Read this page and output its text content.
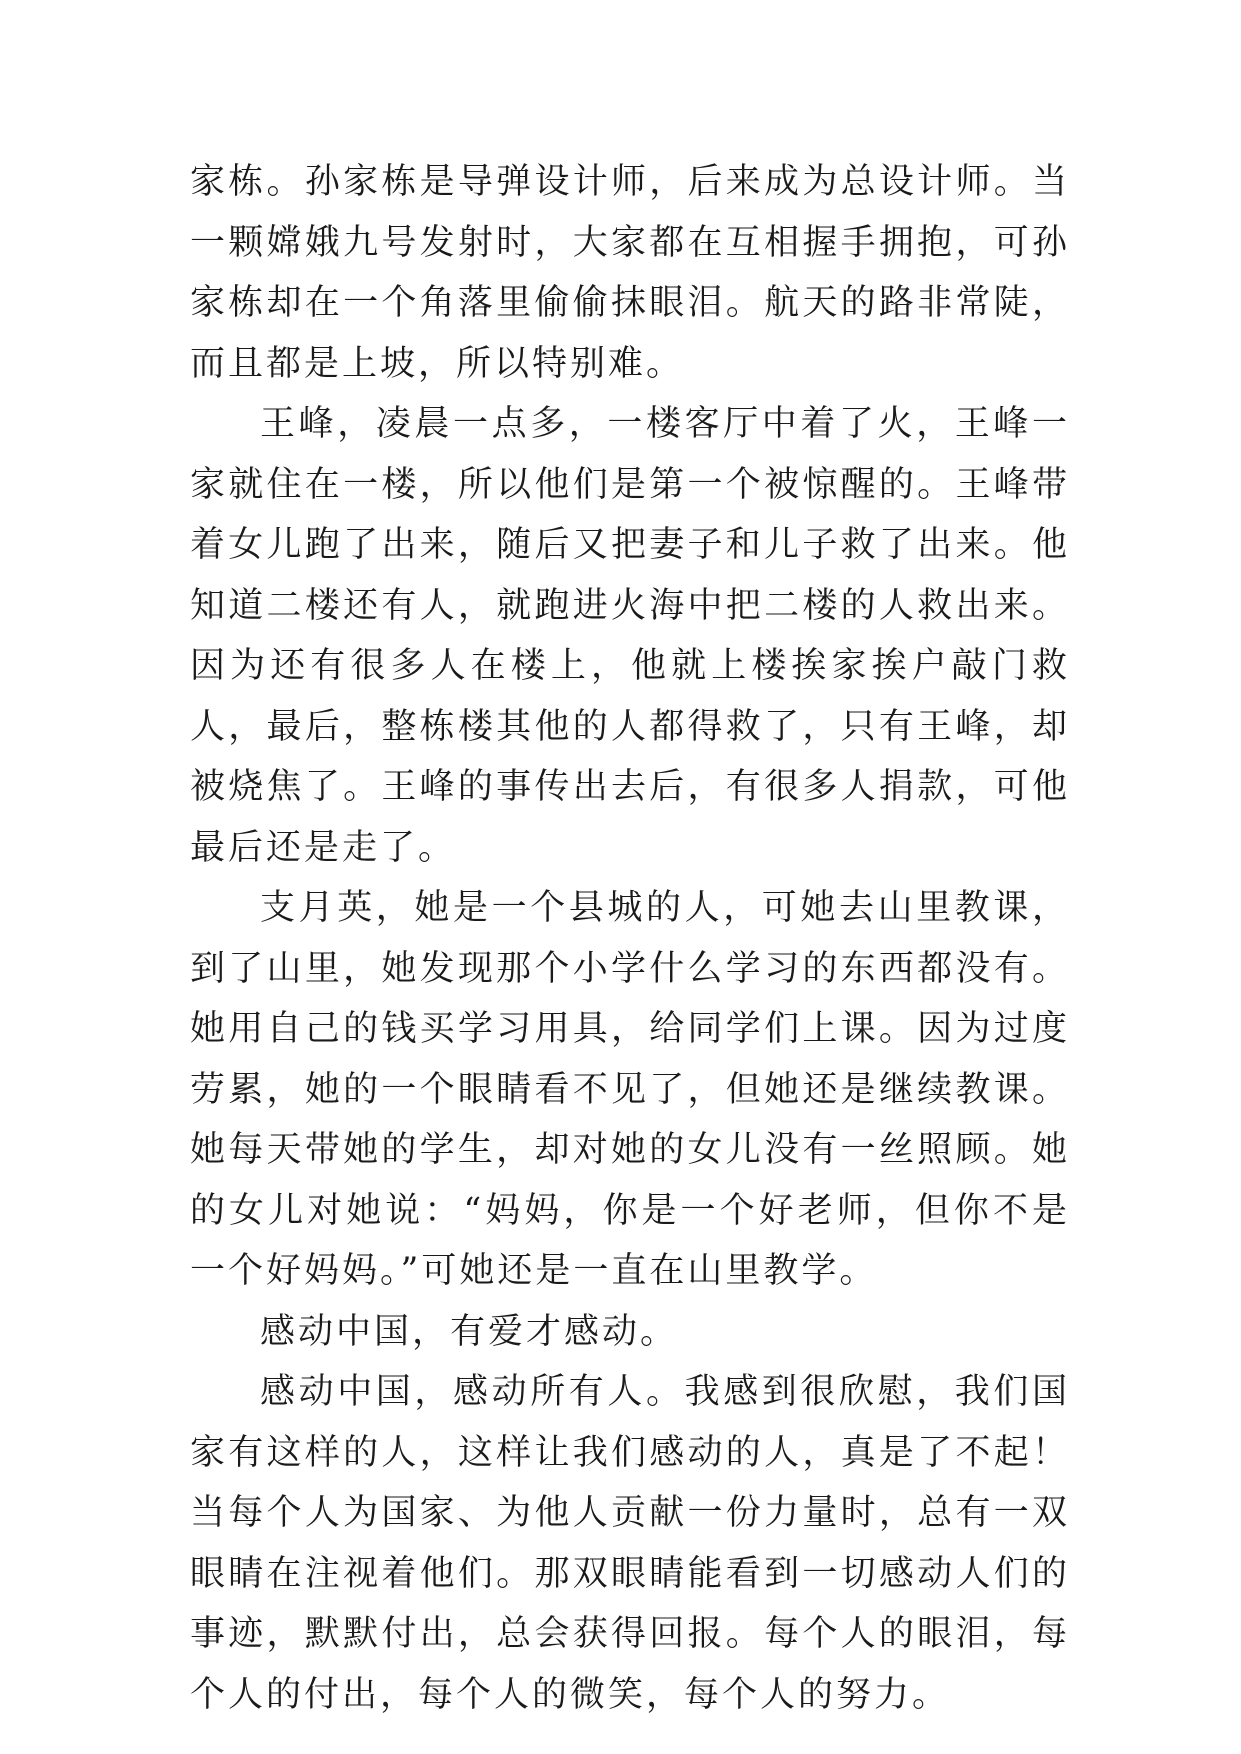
家栋。孙家栋是导弹设计师，后来成为总设计师。当一颗嫦娥九号发射时，大家都在互相握手拥抱，可孙家栋却在一个角落里偷偷抹眼泪。航天的路非常陡，而且都是上坡，所以特别难。

王峰，凌晨一点多，一楼客厅中着了火，王峰一家就住在一楼，所以他们是第一个被惊醒的。王峰带着女儿跑了出来，随后又把妻子和儿子救了出来。他知道二楼还有人，就跑进火海中把二楼的人救出来。因为还有很多人在楼上，他就上楼挨家挨户敲门救人，最后，整栋楼其他的人都得救了，只有王峰，却被烧焦了。王峰的事传出去后，有很多人捐款，可他最后还是走了。

支月英，她是一个县城的人，可她去山里教课，到了山里，她发现那个小学什么学习的东西都没有。她用自己的钱买学习用具，给同学们上课。因为过度劳累，她的一个眼睛看不见了，但她还是继续教课。她每天带她的学生，却对她的女儿没有一丝照顾。她的女儿对她说：“妈妈，你是一个好老师，但你不是一个好妈妈。”可她还是一直在山里教学。

感动中国，有爱才感动。

感动中国，感动所有人。我感到很欣慰，我们国家有这样的人，这样让我们感动的人，真是了不起！当每个人为国家、为他人贡献一份力量时，总有一双眼睛在注视着他们。那双眼睛能看到一切感动人们的事迹，默默付出，总会获得回报。每个人的眼泪，每个人的付出，每个人的微笑，每个人的努力。
